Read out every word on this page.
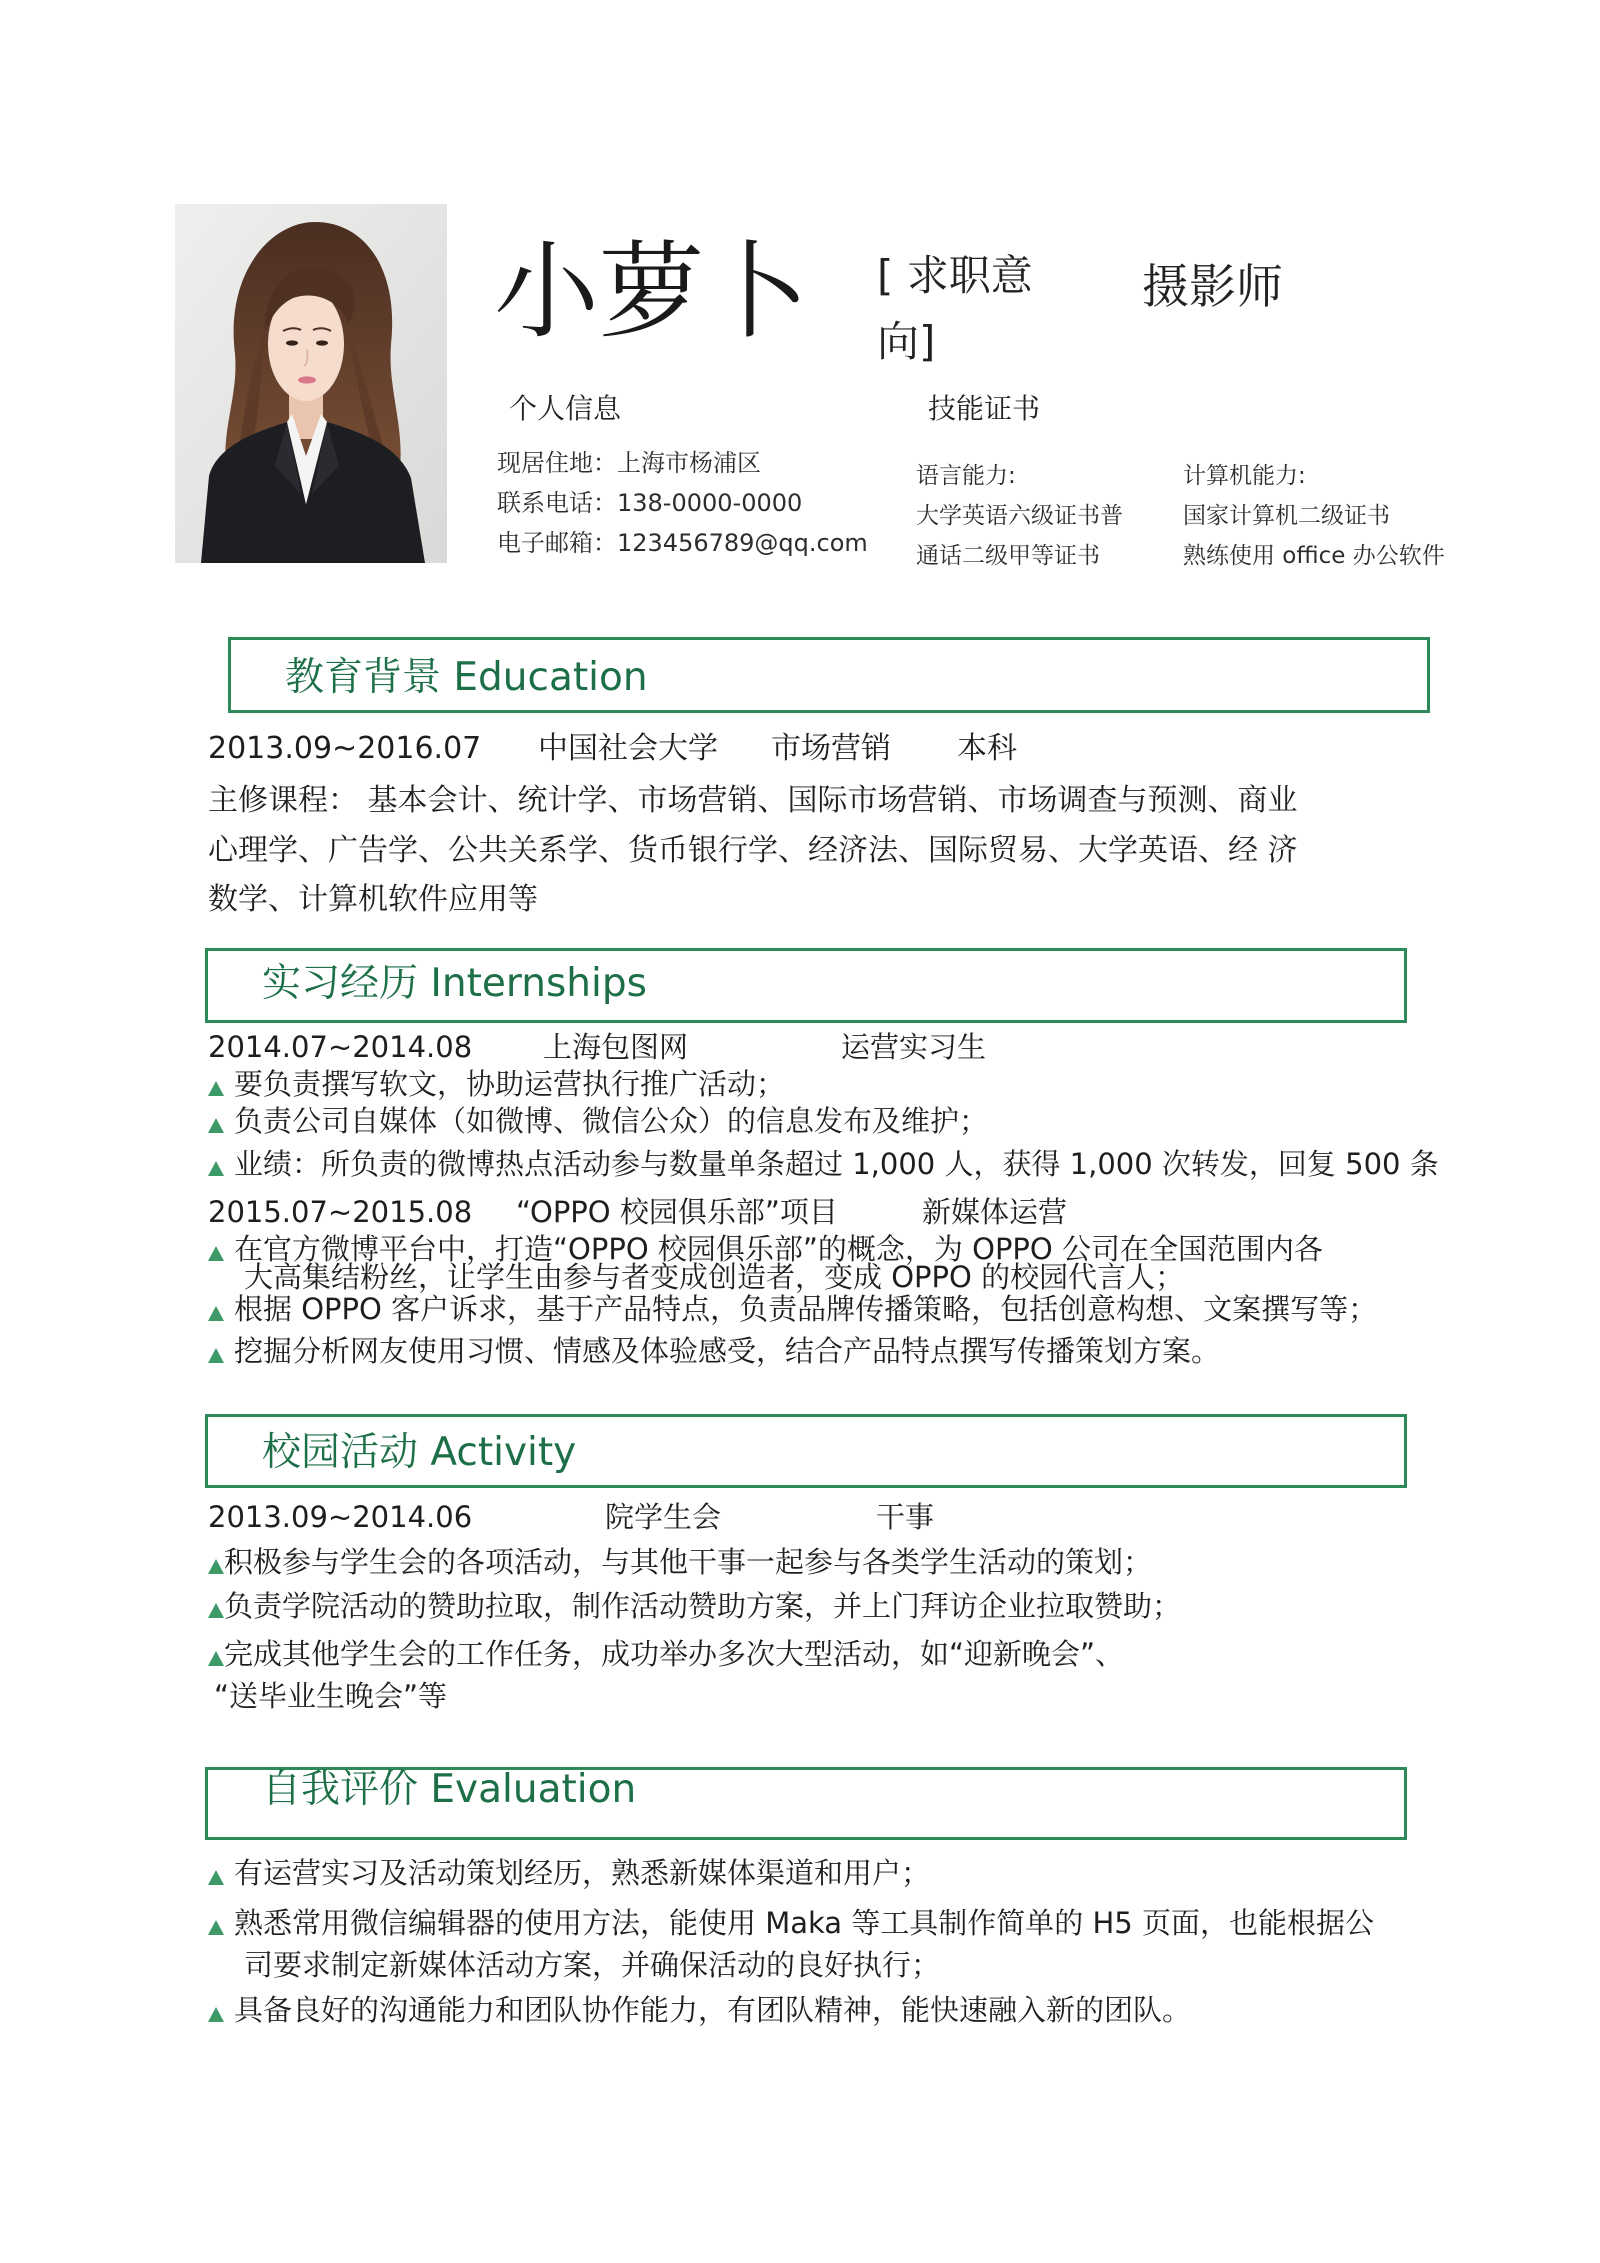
小萝卜 [ 求职意
向]
摄影师
个人信息
现居住地：上海市杨浦区
联系电话：138-0000-0000
电子邮箱：123456789@qq.com
技能证书
语言能力:
大学英语六级证书普
通话二级甲等证书
计算机能力:
国家计算机二级证书
熟练使用 office 办公软件
教育背景 Education
2013.09~2016.07 中国社会大学 市场营销 本科
主修课程： 基本会计、统计学、市场营销、国际市场营销、市场调查与预测、商业
心理学、广告学、公共关系学、货币银行学、经济法、国际贸易、大学英语、经 济
数学、计算机软件应用等
实习经历 Internships
2014.07~2014.08 上海包图网	运营实习生
要负责撰写软文，协助运营执行推广活动；
负责公司自媒体（如微博、微信公众）的信息发布及维护；
业绩：所负责的微博热点活动参与数量单条超过 1,000 人，获得 1,000 次转发，回复 500 条
2015.07~2015.08 “OPPO 校园俱乐部”项目	新媒体运营
在官方微博平台中，打造“OPPO 校园俱乐部”的概念，为 OPPO 公司在全国范围内各
大高集结粉丝，让学生由参与者变成创造者，变成 OPPO 的校园代言人；
根据 OPPO 客户诉求，基于产品特点，负责品牌传播策略，包括创意构想、文案撰写等；
挖掘分析网友使用习惯、情感及体验感受，结合产品特点撰写传播策划方案。
校园活动 Activity
2013.09~2014.06	院学生会	干事
积极参与学生会的各项活动，与其他干事一起参与各类学生活动的策划；
负责学院活动的赞助拉取，制作活动赞助方案，并上门拜访企业拉取赞助；
完成其他学生会的工作任务，成功举办多次大型活动，如“迎新晚会”、
“送毕业生晚会”等
自我评价 Evaluation
有运营实习及活动策划经历，熟悉新媒体渠道和用户；
熟悉常用微信编辑器的使用方法，能使用 Maka 等工具制作简单的 H5 页面，也能根据公
司要求制定新媒体活动方案，并确保活动的良好执行；
具备良好的沟通能力和团队协作能力，有团队精神，能快速融入新的团队。
